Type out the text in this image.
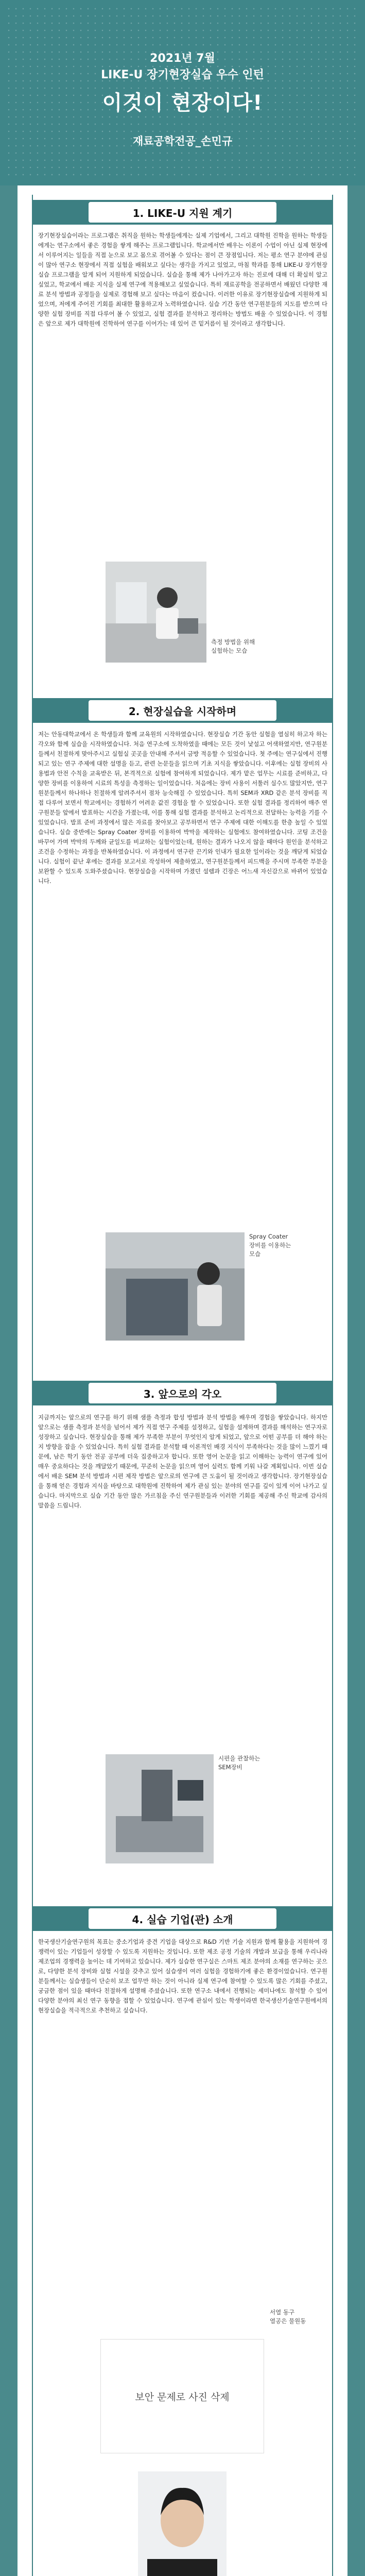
2021년 7월
LIKE-U 장기현장실습 우수 인턴
이것이 현장이다!
재료공학전공_손민규
1. LIKE-U 지원 계기

장기현장실습이라는 프로그램은 취직을 원하는 학생들에게는 실제 기업에서, 그리고 대학원 진학을 원하는 학생들에게는 연구소에서 좋은 경험을 쌓게 해주는 프로그램입니다. 학교에서만 배우는 이론이 수업이 아닌 실제 현장에서 이루어지는 일들을 직접 눈으로 보고 몸으로 겪어볼 수 있다는 점이 큰 장점입니다. 저는 평소 연구 분야에 관심이 많아 연구소 현장에서 직접 실험을 배워보고 싶다는 생각을 가지고 있었고, 마침 학과를 통해 LIKE-U 장기현장실습 프로그램을 알게 되어 지원하게 되었습니다. 실습을 통해 제가 나아가고자 하는 진로에 대해 더 확실히 알고 싶었고, 학교에서 배운 지식을 실제 연구에 적용해보고 싶었습니다. 특히 재료공학을 전공하면서 배웠던 다양한 재료 분석 방법과 공정들을 실제로 경험해 보고 싶다는 마음이 컸습니다. 이러한 이유로 장기현장실습에 지원하게 되었으며, 저에게 주어진 기회를 최대한 활용하고자 노력하였습니다. 실습 기간 동안 연구원분들의 지도를 받으며 다양한 실험 장비를 직접 다루어 볼 수 있었고, 실험 결과를 분석하고 정리하는 방법도 배울 수 있었습니다. 이 경험은 앞으로 제가 대학원에 진학하여 연구를 이어가는 데 있어 큰 밑거름이 될 것이라고 생각합니다.

측정 방법을 위해
실험하는 모습
2. 현장실습을 시작하며

저는 안동대학교에서 온 학생들과 함께 교육원의 시작하였습니다. 현장실습 기간 동안 실험을 열심히 하고자 하는 각오와 함께 실습을 시작하였습니다. 처음 연구소에 도착하였을 때에는 모든 것이 낯설고 어색하였지만, 연구원분들께서 친절하게 맞아주시고 실험실 곳곳을 안내해 주셔서 금방 적응할 수 있었습니다. 첫 주에는 연구실에서 진행되고 있는 연구 주제에 대한 설명을 듣고, 관련 논문들을 읽으며 기초 지식을 쌓았습니다. 이후에는 실험 장비의 사용법과 안전 수칙을 교육받은 뒤, 본격적으로 실험에 참여하게 되었습니다. 제가 맡은 업무는 시료를 준비하고, 다양한 장비를 이용하여 시료의 특성을 측정하는 일이었습니다. 처음에는 장비 사용이 서툴러 실수도 많았지만, 연구원분들께서 하나하나 친절하게 알려주셔서 점차 능숙해질 수 있었습니다. 특히 SEM과 XRD 같은 분석 장비를 직접 다루어 보면서 학교에서는 경험하기 어려운 값진 경험을 할 수 있었습니다. 또한 실험 결과를 정리하여 매주 연구원분들 앞에서 발표하는 시간을 가졌는데, 이를 통해 실험 결과를 분석하고 논리적으로 전달하는 능력을 기를 수 있었습니다. 발표 준비 과정에서 많은 자료를 찾아보고 공부하면서 연구 주제에 대한 이해도를 한층 높일 수 있었습니다. 실습 중반에는 Spray Coater 장비를 이용하여 박막을 제작하는 실험에도 참여하였습니다. 코팅 조건을 바꾸어 가며 박막의 두께와 균일도를 비교하는 실험이었는데, 원하는 결과가 나오지 않을 때마다 원인을 분석하고 조건을 수정하는 과정을 반복하였습니다. 이 과정에서 연구란 끈기와 인내가 필요한 일이라는 것을 깨닫게 되었습니다. 실험이 끝난 후에는 결과를 보고서로 작성하여 제출하였고, 연구원분들께서 피드백을 주시며 부족한 부분을 보완할 수 있도록 도와주셨습니다. 현장실습을 시작하며 가졌던 설렘과 긴장은 어느새 자신감으로 바뀌어 있었습니다.

Spray Coater
장비를 이용하는
모습
3. 앞으로의 각오

지금까지는 앞으로의 연구를 하기 위해 샘플 측정과 합성 방법과 분석 방법을 배우며 경험을 쌓았습니다. 하지만 앞으로는 샘플 측정과 분석을 넘어서 제가 직접 연구 주제를 설정하고, 실험을 설계하며 결과를 해석하는 연구자로 성장하고 싶습니다. 현장실습을 통해 제가 부족한 부분이 무엇인지 알게 되었고, 앞으로 어떤 공부를 더 해야 하는지 방향을 잡을 수 있었습니다. 특히 실험 결과를 분석할 때 이론적인 배경 지식이 부족하다는 것을 많이 느꼈기 때문에, 남은 학기 동안 전공 공부에 더욱 집중하고자 합니다. 또한 영어 논문을 읽고 이해하는 능력이 연구에 있어 매우 중요하다는 것을 깨달았기 때문에, 꾸준히 논문을 읽으며 영어 실력도 함께 키워 나갈 계획입니다. 이번 실습에서 배운 SEM 분석 방법과 시편 제작 방법은 앞으로의 연구에 큰 도움이 될 것이라고 생각합니다. 장기현장실습을 통해 얻은 경험과 지식을 바탕으로 대학원에 진학하여 제가 관심 있는 분야의 연구를 깊이 있게 이어 나가고 싶습니다. 마지막으로 실습 기간 동안 많은 가르침을 주신 연구원분들과 이러한 기회를 제공해 주신 학교에 감사의 말씀을 드립니다.

시편을 관찰하는
SEM장비
4. 실습 기업(관) 소개

한국생산기술연구원의 목표는 중소기업과 중견 기업을 대상으로 R&D 기반 기술 지원과 함께 활용을 지원하여 경쟁력이 있는 기업들이 성장할 수 있도록 지원하는 것입니다. 또한 제조 공정 기술의 개발과 보급을 통해 우리나라 제조업의 경쟁력을 높이는 데 기여하고 있습니다. 제가 실습한 연구실은 스마트 제조 분야의 소재를 연구하는 곳으로, 다양한 분석 장비와 실험 시설을 갖추고 있어 실습생이 여러 실험을 경험하기에 좋은 환경이었습니다. 연구원분들께서는 실습생들이 단순히 보조 업무만 하는 것이 아니라 실제 연구에 참여할 수 있도록 많은 기회를 주셨고, 궁금한 점이 있을 때마다 친절하게 설명해 주셨습니다. 또한 연구소 내에서 진행되는 세미나에도 참석할 수 있어 다양한 분야의 최신 연구 동향을 접할 수 있었습니다. 연구에 관심이 있는 학생이라면 한국생산기술연구원에서의 현장실습을 적극적으로 추천하고 싶습니다.

서열 동구
열공은 물원동
보안 문제로 사진 삭제
